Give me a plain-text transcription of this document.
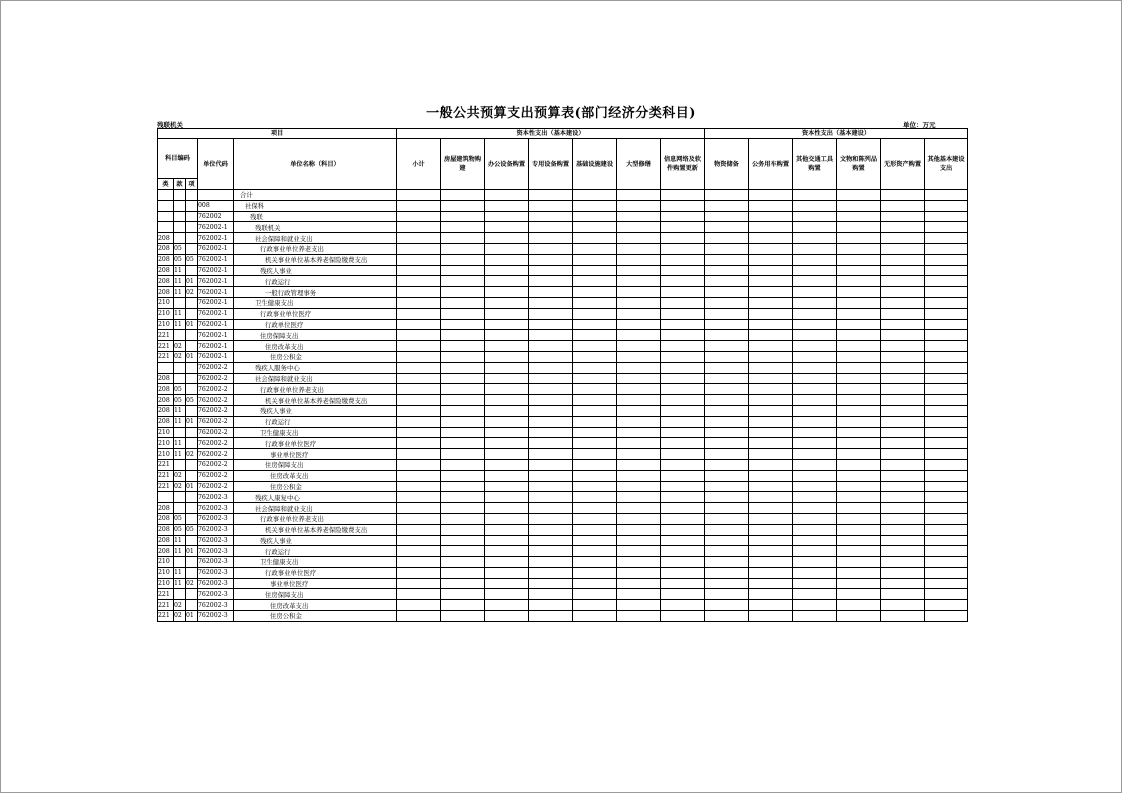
一般公共预算支出预算表(部门经济分类科目)
残联机关	单位：万元
项目					资本性支出（基本建设）							资本性支出（基本建设）					
科目编码			单位代码	单位名称（科目）	小计	房屋建筑物购建	办公设备购置	专用设备购置	基础设施建设	大型修缮	信息网络及软件购置更新	物资储备	公务用车购置	其他交通工具购置	文物和陈列品购置	无形资产购置	其他基本建设支出
类	款	项															
				合计													
			008	社保科													
			762002	残联													
			762002-1	残联机关													
208			762002-1	社会保障和就业支出													
208	05		762002-1	行政事业单位养老支出													
208	05	05	762002-1	机关事业单位基本养老保险缴费支出													
208	11		762002-1	残疾人事业													
208	11	01	762002-1	行政运行													
208	11	02	762002-1	一般行政管理事务													
210			762002-1	卫生健康支出													
210	11		762002-1	行政事业单位医疗													
210	11	01	762002-1	行政单位医疗													
221			762002-1	住房保障支出													
221	02		762002-1	住房改革支出													
221	02	01	762002-1	住房公积金													
			762002-2	残疾人服务中心													
208			762002-2	社会保障和就业支出													
208	05		762002-2	行政事业单位养老支出													
208	05	05	762002-2	机关事业单位基本养老保险缴费支出													
208	11		762002-2	残疾人事业													
208	11	01	762002-2	行政运行													
210			762002-2	卫生健康支出													
210	11		762002-2	行政事业单位医疗													
210	11	02	762002-2	事业单位医疗													
221			762002-2	住房保障支出													
221	02		762002-2	住房改革支出													
221	02	01	762002-2	住房公积金													
			762002-3	残疾人康复中心													
208			762002-3	社会保障和就业支出													
208	05		762002-3	行政事业单位养老支出													
208	05	05	762002-3	机关事业单位基本养老保险缴费支出													
208	11		762002-3	残疾人事业													
208	11	01	762002-3	行政运行													
210			762002-3	卫生健康支出													
210	11		762002-3	行政事业单位医疗													
210	11	02	762002-3	事业单位医疗													
221			762002-3	住房保障支出													
221	02		762002-3	住房改革支出													
221	02	01	762002-3	住房公积金													
